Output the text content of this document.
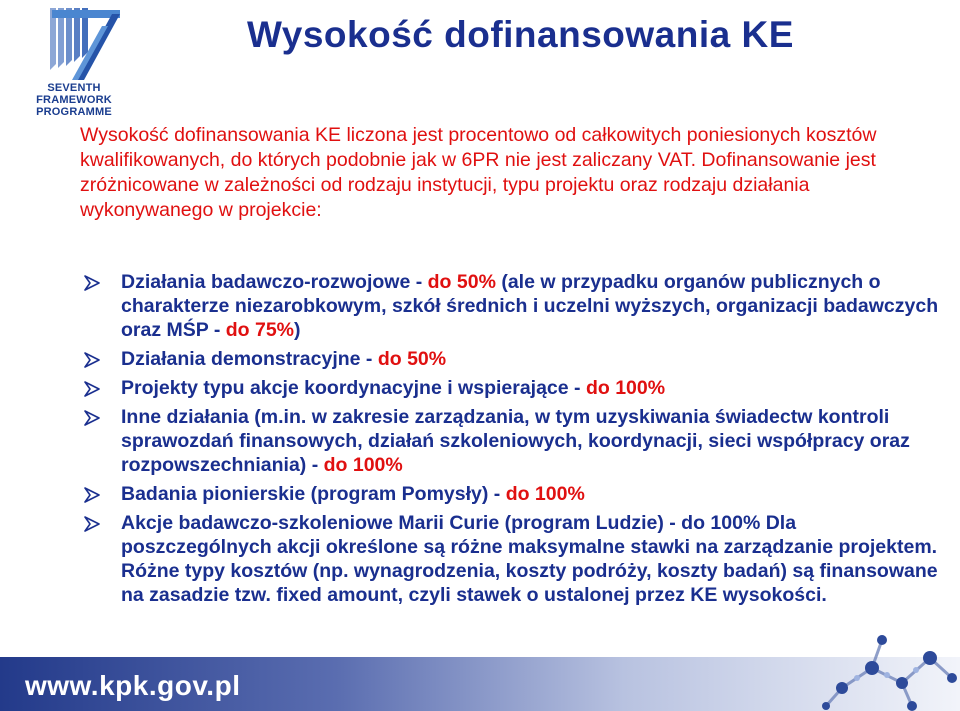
SEVENTH FRAMEWORK
PROGRAMME
Wysokość dofinansowania KE

Wysokość dofinansowania KE liczona jest procentowo od całkowitych poniesionych kosztów kwalifikowanych, do których podobnie jak w 6PR nie jest zaliczany VAT. Dofinansowanie jest zróżnicowane w zależności od rodzaju instytucji, typu projektu oraz rodzaju działania wykonywanego w projekcie:

Działania badawczo-rozwojowe - do 50% (ale w przypadku organów publicznych o charakterze niezarobkowym, szkół średnich i uczelni wyższych, organizacji badawczych oraz MŚP - do 75%)
Działania demonstracyjne - do 50%
Projekty typu akcje koordynacyjne i wspierające - do 100%
Inne działania (m.in. w zakresie zarządzania, w tym uzyskiwania świadectw kontroli sprawozdań finansowych, działań szkoleniowych, koordynacji, sieci współpracy oraz rozpowszechniania) - do 100%
Badania pionierskie (program Pomysły) - do 100%
Akcje badawczo-szkoleniowe Marii Curie (program Ludzie) - do 100% Dla poszczególnych akcji określone są różne maksymalne stawki na zarządzanie projektem. Różne typy kosztów (np. wynagrodzenia, koszty podróży, koszty badań) są finansowane na zasadzie tzw. fixed amount, czyli stawek o ustalonej przez KE wysokości.
www.kpk.gov.pl
